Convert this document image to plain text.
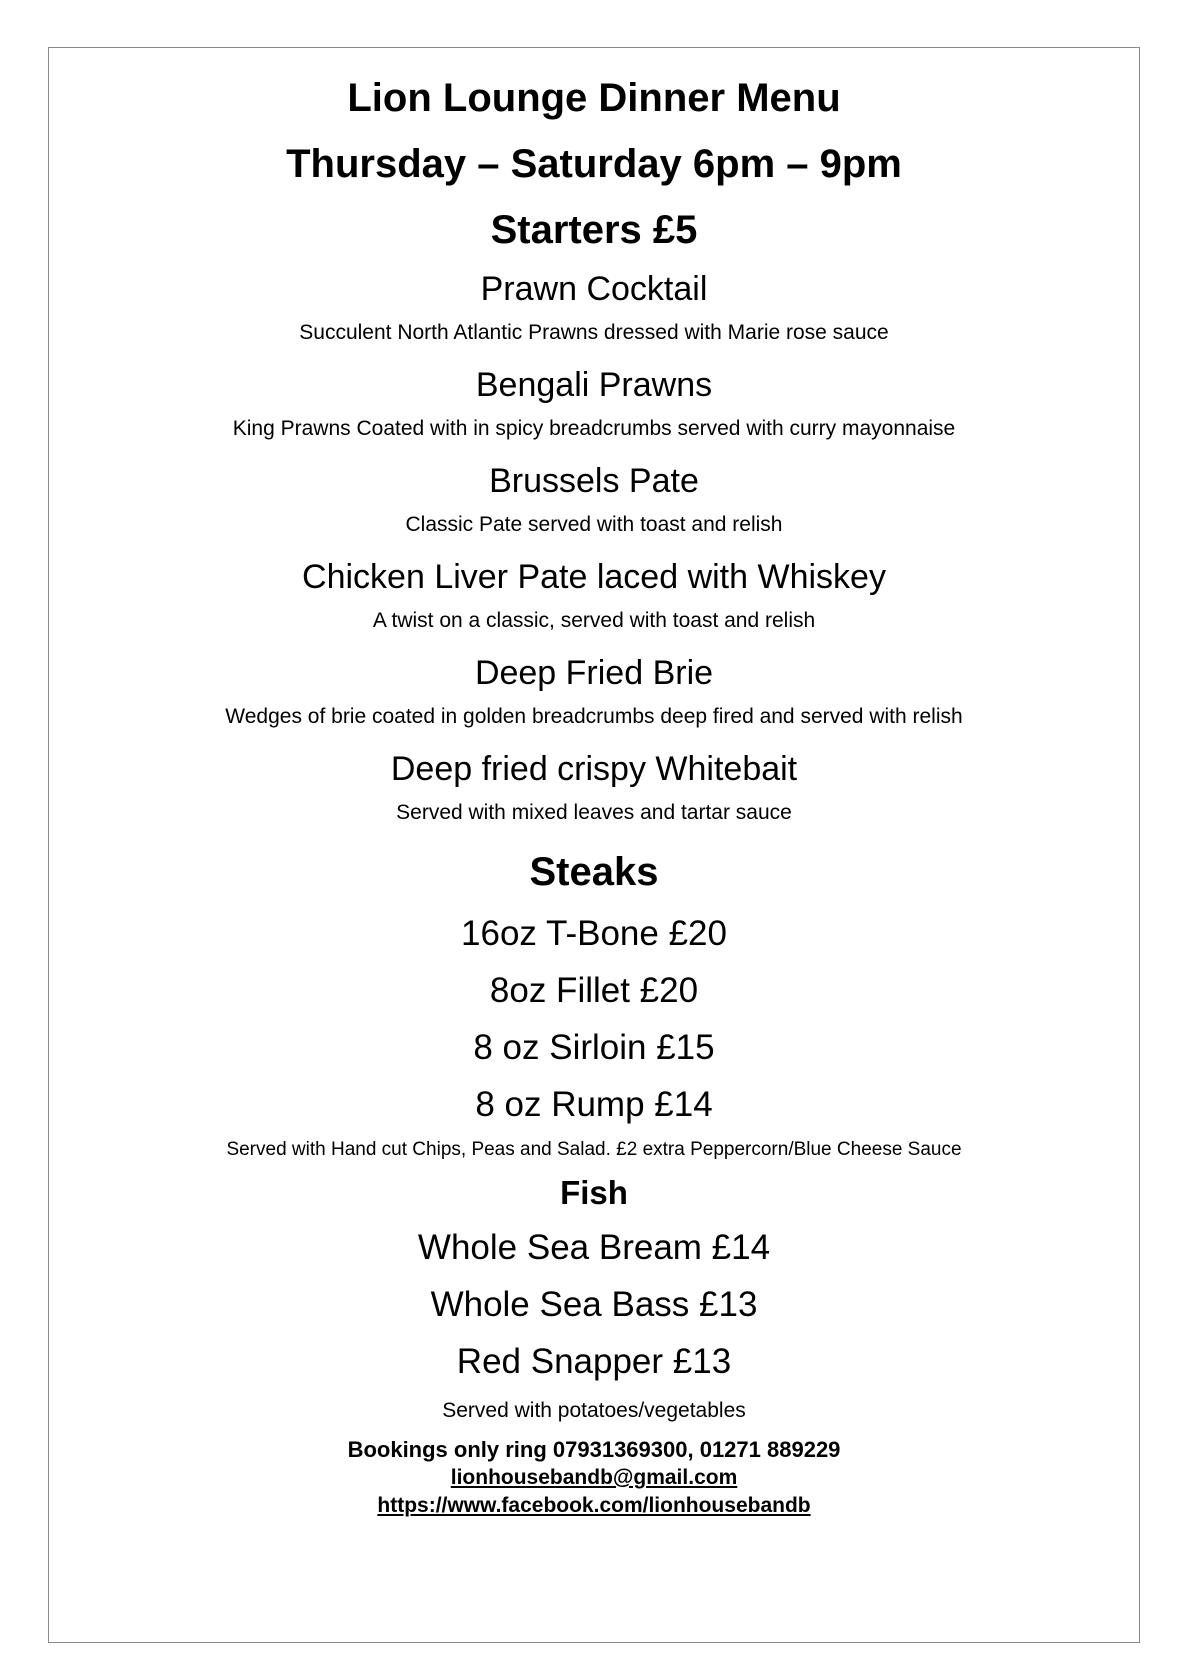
Lion Lounge Dinner Menu

Thursday – Saturday 6pm – 9pm

Starters £5

Prawn Cocktail

Succulent North Atlantic Prawns dressed with Marie rose sauce

Bengali Prawns

King Prawns Coated with in spicy breadcrumbs served with curry mayonnaise

Brussels Pate

Classic Pate served with toast and relish

Chicken Liver Pate laced with Whiskey

A twist on a classic, served with toast and relish

Deep Fried Brie

Wedges of brie coated in golden breadcrumbs deep fired and served with relish

Deep fried crispy Whitebait

Served with mixed leaves and tartar sauce

Steaks

16oz T-Bone £20

8oz Fillet £20

8 oz Sirloin £15

8 oz Rump £14

Served with Hand cut Chips, Peas and Salad. £2 extra Peppercorn/Blue Cheese Sauce

Fish

Whole Sea Bream £14

Whole Sea Bass £13

Red Snapper £13

Served with potatoes/vegetables

Bookings only ring 07931369300, 01271 889229

lionhousebandb@gmail.com

https://www.facebook.com/lionhousebandb
